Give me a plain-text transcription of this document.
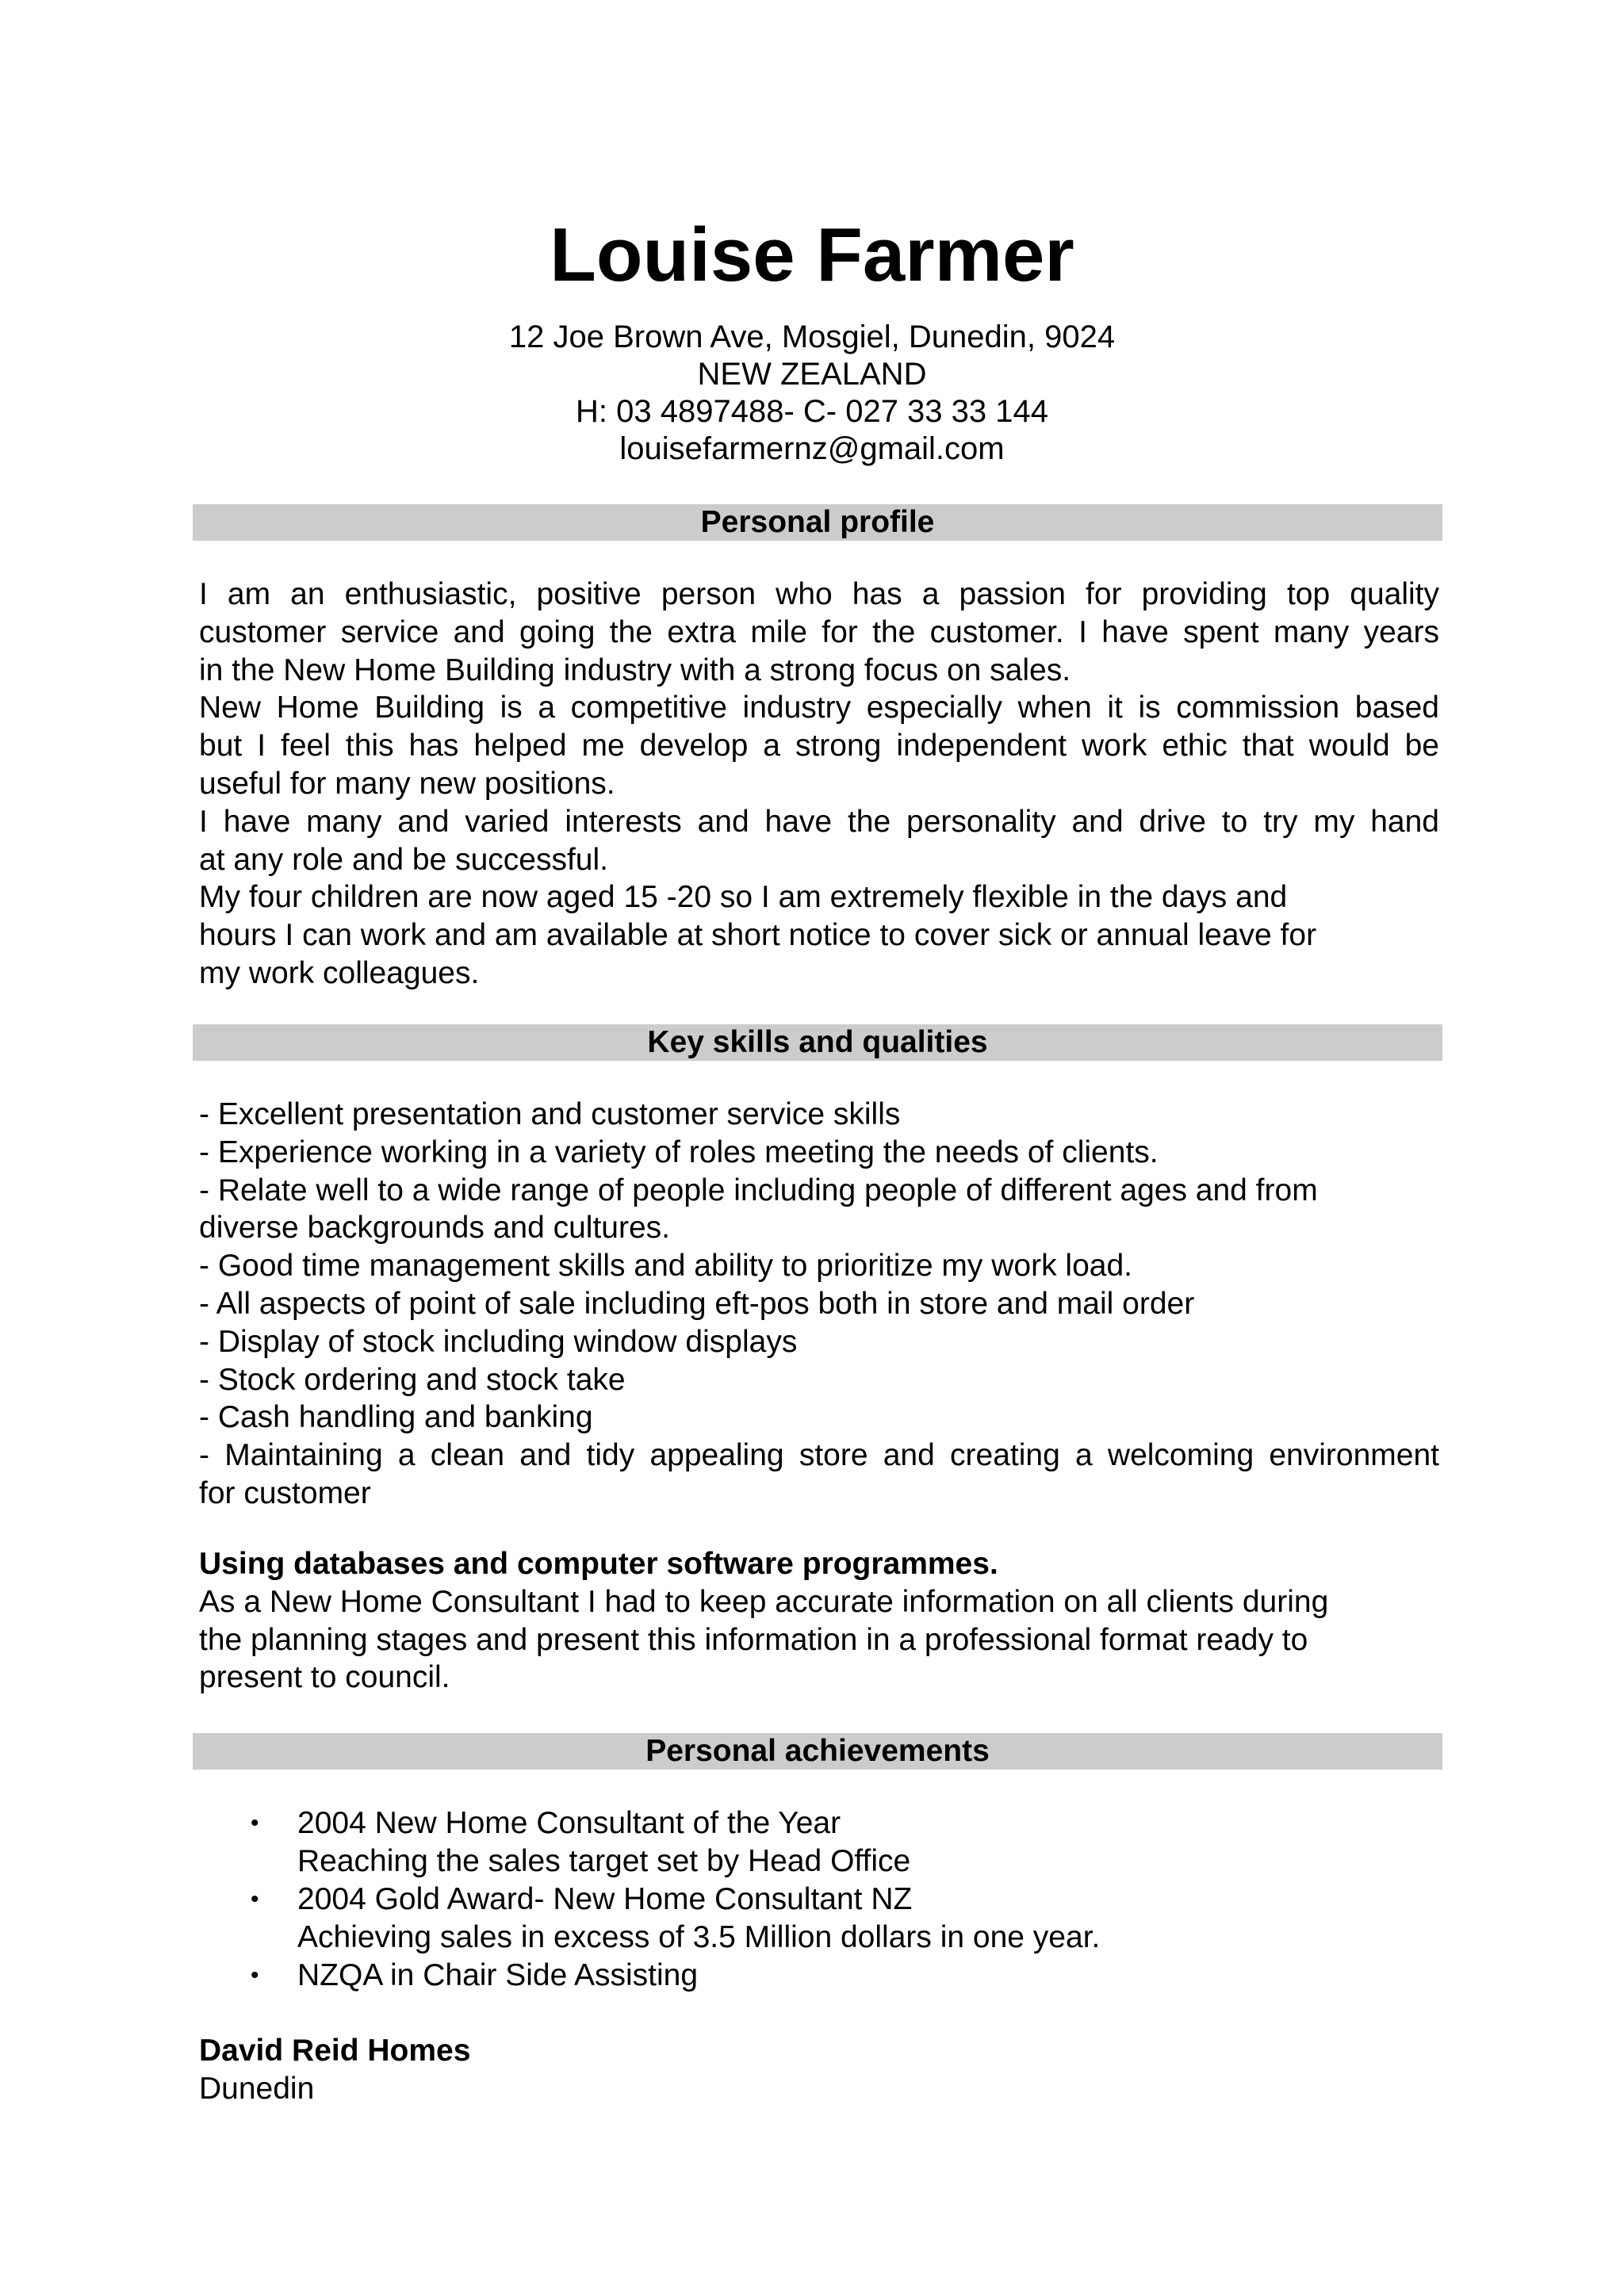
Louise Farmer
12 Joe Brown Ave, Mosgiel, Dunedin, 9024
NEW ZEALAND
H: 03 4897488- C- 027 33 33 144
louisefarmernz@gmail.com
Personal profile
I am an enthusiastic, positive person who has a passion for providing top quality
customer service and going the extra mile for the customer. I have spent many years
in the New Home Building industry with a strong focus on sales.
New Home Building is a competitive industry especially when it is commission based
but I feel this has helped me develop a strong independent work ethic that would be
useful for many new positions.
I have many and varied interests and have the personality and drive to try my hand
at any role and be successful.
My four children are now aged 15 -20 so I am extremely flexible in the days and
hours I can work and am available at short notice to cover sick or annual leave for
my work colleagues.
Key skills and qualities
- Excellent presentation and customer service skills
- Experience working in a variety of roles meeting the needs of clients.
- Relate well to a wide range of people including people of different ages and from
diverse backgrounds and cultures.
- Good time management skills and ability to prioritize my work load.
- All aspects of point of sale including eft-pos both in store and mail order
- Display of stock including window displays
- Stock ordering and stock take
- Cash handling and banking
- Maintaining a clean and tidy appealing store and creating a welcoming environment
for customer
Using databases and computer software programmes.
As a New Home Consultant I had to keep accurate information on all clients during
the planning stages and present this information in a professional format ready to
present to council.
Personal achievements
• 2004 New Home Consultant of the Year
Reaching the sales target set by Head Office
• 2004 Gold Award- New Home Consultant NZ
Achieving sales in excess of 3.5 Million dollars in one year.
• NZQA in Chair Side Assisting
David Reid Homes
Dunedin
